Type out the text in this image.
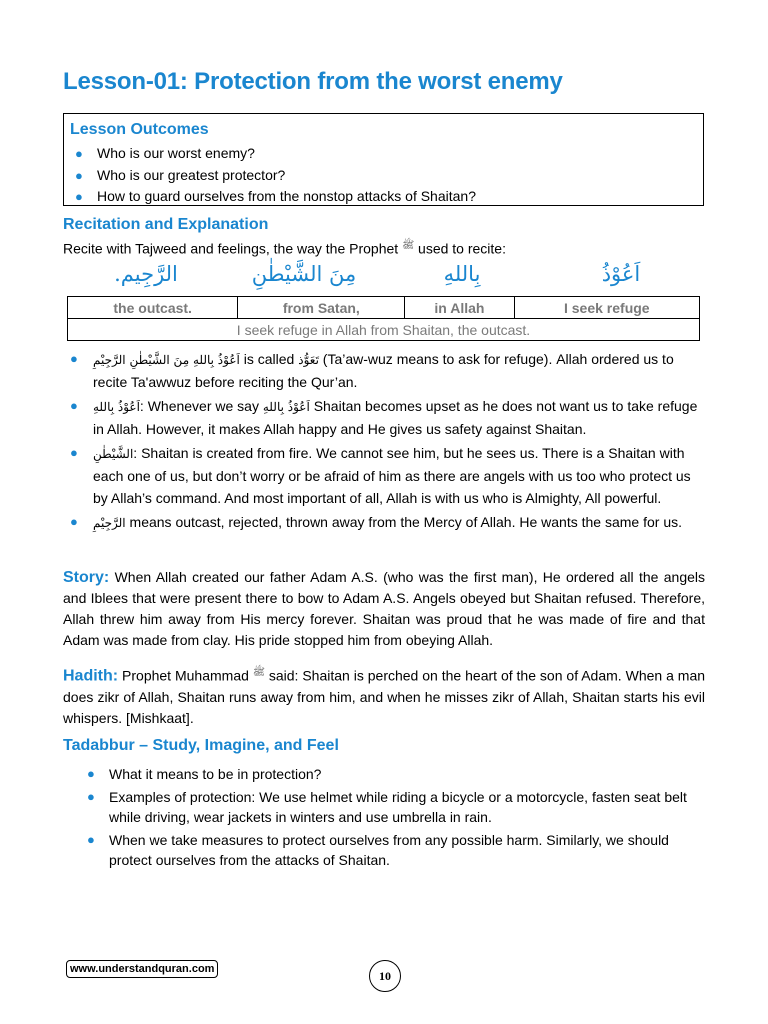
Lesson-01: Protection from the worst enemy
Lesson Outcomes
● Who is our worst enemy?
● Who is our greatest protector?
● How to guard ourselves from the nonstop attacks of Shaitan?
Recitation and Explanation
Recite with Tajweed and feelings, the way the Prophet $^ﷺ$ used to recite:
الرَّجِيم.	مِنَ الشَّيْطٰنِ	بِاللهِ	اَعُوْذُ
the outcast.	from Satan,	in Allah	I seek refuge
I seek refuge in Allah from Shaitan, the outcast.
● اَعُوْذُ بِاللهِ مِنَ الشَّيْطٰنِ الرَّجِيْمِ is called تَعَوُّذ (Ta’aw-wuz means to ask for refuge). Allah ordered us to recite Ta'awwuz before reciting the Qur’an.
● اَعُوْذُ بِاللهِ: Whenever we say اَعُوْذُ بِاللهِ Shaitan becomes upset as he does not want us to take refuge in Allah. However, it makes Allah happy and He gives us safety against Shaitan.
● الشَّيْطٰنِ: Shaitan is created from fire. We cannot see him, but he sees us. There is a Shaitan with each one of us, but don’t worry or be afraid of him as there are angels with us too who protect us by Allah’s command. And most important of all, Allah is with us who is Almighty, All powerful.
● الرَّجِيْمِ means outcast, rejected, thrown away from the Mercy of Allah. He wants the same for us.
Story: When Allah created our father Adam A.S. (who was the first man), He ordered all the angels and Iblees that were present there to bow to Adam A.S. Angels obeyed but Shaitan refused. Therefore, Allah threw him away from His mercy forever. Shaitan was proud that he was made of fire and that Adam was made from clay. His pride stopped him from obeying Allah.
Hadith: Prophet Muhammad $^ﷺ$ said: Shaitan is perched on the heart of the son of Adam. When a man does zikr of Allah, Shaitan runs away from him, and when he misses zikr of Allah, Shaitan starts his evil whispers. [Mishkaat].
Tadabbur – Study, Imagine, and Feel
● What it means to be in protection?
● Examples of protection: We use helmet while riding a bicycle or a motorcycle, fasten seat belt while driving, wear jackets in winters and use umbrella in rain.
● When we take measures to protect ourselves from any possible harm. Similarly, we should protect ourselves from the attacks of Shaitan.
www.understandquran.com	10
